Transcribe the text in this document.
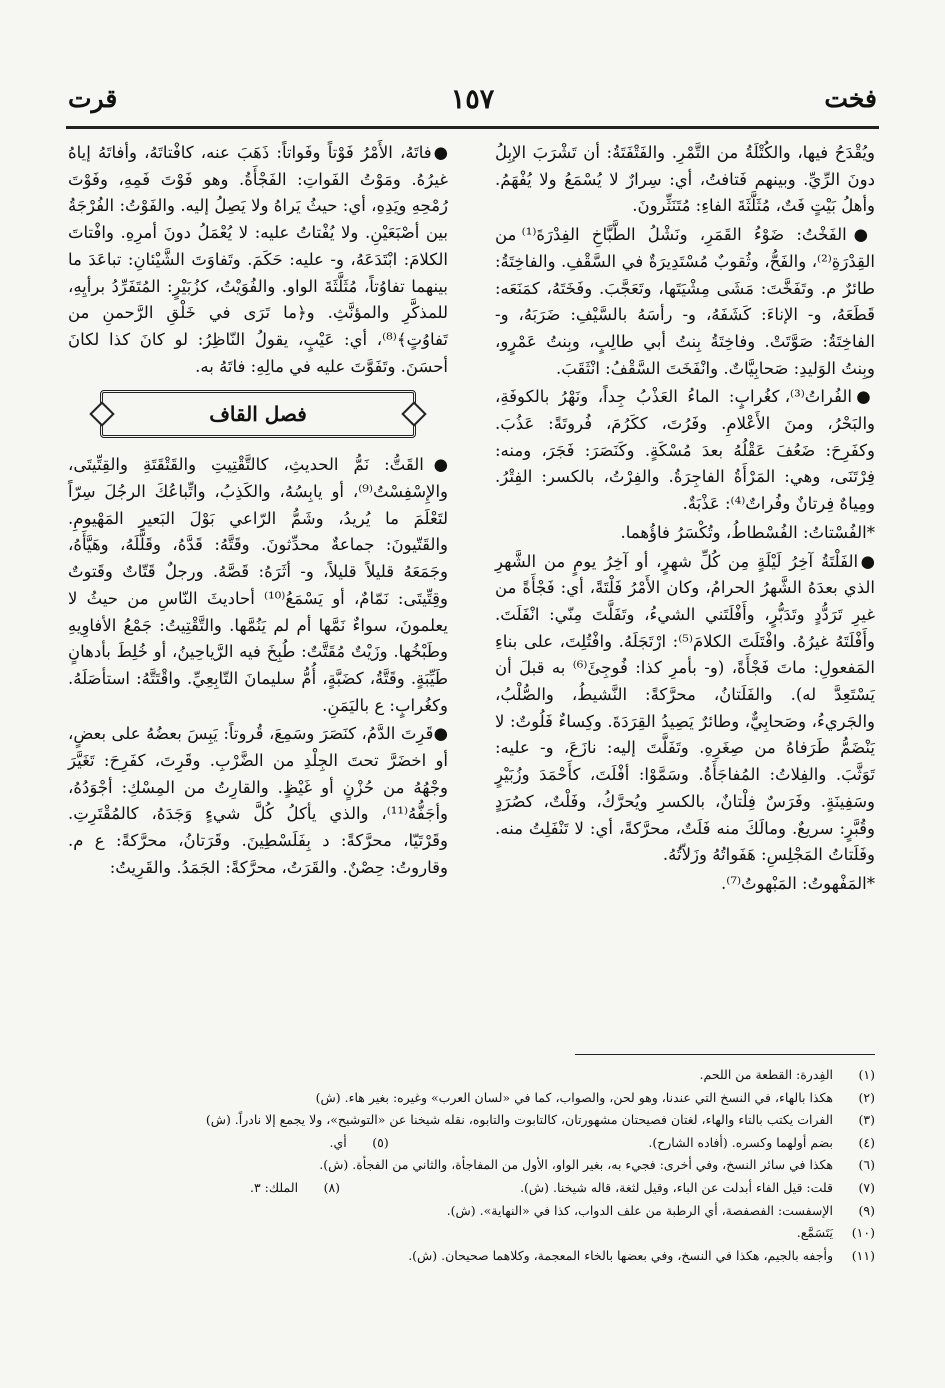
فخت
١٥٧
قرت

ويُقْدَحُ فيها، والكُتْلَةُ من التَّمْرِ. والفَتْفَتَةُ: أن تَشْرَبَ الإبِلُ دونَ الرِّيِّ. وبينهم فَتافتُ، أي: سِرارٌ لا يُسْمَعُ ولا يُفْهَمُ. وأهلُ بَيْتٍ فَتٌ، مُثَلَّثَةَ الفاءِ: مُتَنَثِّرونَ.

●الفَخْتُ: ضَوْءُ القَمَرِ، ونَشْلُ الطَّبَّاخِ الفِدْرَةَ⁽¹⁾ من القِدْرَةِ⁽²⁾، والفَحُّ، وثُقوبٌ مُسْتَدِيرَةٌ في السَّقْفِ. والفاخِتَةُ: طائرٌ م. وتَفَخَّتَ: مَشَى مِشْيَتَها، وتَعَجَّبَ. وفَخَتَهُ، كمَنَعَه: قَطَعَهُ، و- الإناءَ: كَشَفَهُ، و- رأسَهُ بالسَّيْفِ: ضَرَبَهُ، و- الفاخِتَةُ: صَوَّتَتْ. وفاخِتَةُ بِنتُ أبي طالِبٍ، وبِنتُ عَمْرٍو، وبِنتُ الوَليدِ: صَحابِيَّاتٌ. وانْفَخَتَ السَّقْفُ: انْثَقَبَ.

●الفُراتُ⁽³⁾، كغُرابٍ: الماءُ العَذْبُ جِداً، ونَهْرُ بالكوفَةِ، والبَحْرُ، ومنَ الأَعْلامِ. وفَرُتَ، ككَرُمَ، فُروتَةً: عَذُبَ. وكفَرِحَ: ضَعُفَ عَقْلُهُ بعدَ مُسْكَةٍ. وكَنَصَرَ: فَجَرَ، ومنه: فِرْتَنَى، وهي: المَرْأَةُ الفاجِرَةُ. والفِرْتُ، بالكسر: الفِتْرُ. ومِياهٌ فِرتانٌ وفُراتٌ⁽⁴⁾: عَذْبَةٌ.

*الفُسْتاتُ: الفُسْطاطُ، وتُكْسَرُ فاؤُهما.

●الفَلْتَةُ آخِرُ لَيْلَةٍ مِن كُلِّ شهرٍ، أو آخِرُ يومٍ من الشَّهرِ الذي بعدَهُ الشَّهرُ الحرامُ، وكان الأَمْرُ فَلْتَةً، أي: فَجْأَةً من غيرِ تَرَدُّدٍ وتَدَبُّرٍ، وأَفْلَتَني الشيءُ، وتَفَلَّتَ مِنّي: انْفَلَتَ. وأَفْلَتَهُ غيرُهُ. وافْتَلَتَ الكلامَ⁽⁵⁾: ارْتَجَلَهُ. وافْتُلِتَ، على بناءِ المَفعولِ: ماتَ فَجْأَةً، (و- بأمرِ كذا: فُوجِئَ⁽⁶⁾ به قبلَ أن يَسْتَعِدَّ له). والفَلَتانُ، محرَّكةً: النَّشيطُ، والصُّلْبُ، والجَريءُ، وصَحابِيٌّ، وطائرٌ يَصِيدُ القِرَدَةَ. وكِساءٌ فَلُوتٌ: لا يَنْضَمُّ طَرَفاهُ من صِغَرِهِ. وتَفَلَّتَ إليه: نازَعَ، و- عليه: تَوَثَّبَ. والفِلاتُ: المُفاجَأَةُ. وسَمَّوْا: أفْلَتَ، كأَحْمَدَ وزُبَيْرٍ وسَفِينَةٍ. وفَرَسٌ فِلْتانٌ، بالكسرِ ويُحرَّكُ، وفَلْتٌ، كصُرَدٍ وقُبَّرٍ: سريعٌ. ومالَكَ منه فَلَتٌ، محرَّكةً، أي: لا تَنْفَلِتُ منه. وفَلَتاتُ المَجْلِسِ: هَفَواتُهُ وزَلاّتُهُ.

*المَفْهوتُ: المَبْهوتُ⁽⁷⁾.

●فاتَهُ، الأَمْرُ فَوْتاً وفَواتاً: ذَهَبَ عنه، كافْتاتَهُ، وأفاتَهُ إياهُ غيرُهُ. ومَوْتُ الفَواتِ: الفَجْأَةُ. وهو فَوْتَ فَمِهِ، وفَوْتَ رُمْحِهِ ويَدِهِ، أي: حيثُ يَراهُ ولا يَصِلُ إليه. والفَوْتُ: الفُرْجَةُ بين أصْبَعَيْنِ. ولا يُفْتاتُ عليه: لا يُعْمَلُ دونَ أمرِهِ. وافْتاتَ الكلامَ: ابْتَدَعَهُ، و- عليه: حَكَمَ. وتَفاوَتَ الشَّيْئانِ: تباعَدَ ما بينهما تفاوُتاً، مُثَلَّثَةَ الواو. والفُوَيْتُ، كزُبَيْرٍ: المُتَفَرِّدُ برأيِهِ، للمذكَّرِ والمؤنَّثِ. و﴿ما تَرَى في خَلْقِ الرَّحمنِ من تَفاوُتٍ﴾⁽⁸⁾، أي: عَيْبٍ، يقولُ النّاظِرُ: لو كانَ كذا لكانَ أحسَنَ. وتَفَوَّتَ عليه في مالِهِ: فاتَهُ به.

فصل القاف

●القَتُّ: نَمُّ الحديثِ، كالتَّقْتِيتِ والقَتْقَتَةِ والقِتِّيتَى، والإِسْفِسْتُ⁽⁹⁾، أو يابِسُهُ، والكَذِبُ، واتِّباعُكَ الرجُلَ سِرّاً لتَعْلَمَ ما يُريدُ، وشَمُّ الرّاعي بَوْلَ البَعيرِ المَهْيومِ. والقَتّيونَ: جماعةٌ محدِّثونَ. وقَتَّهُ: قَدَّهُ، وقَلَّلَهُ، وهَيَّأَهُ، وجَمَعَهُ قليلاً قليلاً، و- أثَرَهُ: قَصَّهُ. ورجلٌ قَتّاتٌ وقَتوتٌ وقِتِّيتَى: نَمّامٌ، أو يَسْمَعُ⁽¹⁰⁾ أحاديثَ النّاسِ من حيثُ لا يعلمونَ، سواءٌ نَمَّها أم لم يَنُمَّها. والتَّقْتِيتُ: جَمْعُ الأفاوِيهِ وطَبْخُها. وزَيْتٌ مُقَتَّتٌ: طُبِخَ فيه الرَّياحِينُ، أو خُلِطَ بأدهانٍ طَيِّبَةٍ. وقَتَّةُ، كضَبَّةٍ، أُمُّ سليمانَ التّابِعِيِّ. واقْتَتَّهُ: استأصَلَهُ. وكغُرابٍ: ع باليَمَنِ.

●قَرِتَ الدَّمُ، كنَصَرَ وسَمِعَ، قُروتاً: يَبِسَ بعضُهُ على بعضٍ، أو اخضَرَّ تحتَ الجِلْدِ من الضَّرْبِ. وقَرِتَ، كفَرِحَ: تَغَيَّرَ وجْهُهُ من حُزْنٍ أو غَيْظٍ. والقارِتُ من المِسْكِ: أجْوَدُهُ، وأجَفُّهُ⁽¹¹⁾، والذي يأكلُ كُلَّ شيءٍ وَجَدَهُ، كالمُقْتَرِتِ. وقَرْتَيّا، محرَّكةً: د بِفَلَسْطِينَ. وقَرَتانُ، محرَّكةً: ع م. وقاروتُ: حِصْنٌ. والقَرَتُ، محرَّكةً: الجَمَدُ. والقَرِيتُ:

(١)
الفِدرة: القطعة من اللحم.
(٢)
هكذا بالهاء، في النسخ التي عندنا، وهو لحن، والصواب، كما في «لسان العرب» وغيره: بغير هاء. (ش)
(٣)
الفرات يكتب بالتاء والهاء، لغتان فصيحتان مشهورتان، كالتابوت والتابوه، نقله شيخنا عن «التوشيح»، ولا يجمع إلا نادراً. (ش)
(٤)
بضم أولهما وكسره. (أفاده الشارح).
(٥)
أي.
(٦)
هكذا في سائر النسخ، وفي أخرى: فجيء به، بغير الواو، الأول من المفاجأة، والثاني من الفجأة. (ش).
(٧)
قلت: قيل الفاء أبدلت عن الباء، وقيل لثغة، قاله شيخنا. (ش).
(٨)
الملك: ٣.
(٩)
الإسفست: الفصفصة، أي الرطبة من علف الدواب، كذا في «النهاية». (ش).
(١٠)
يَتَسَمَّع.
(١١)
وأجفه بالجيم، هكذا في النسخ، وفي بعضها بالخاء المعجمة، وكلاهما صحيحان. (ش).
